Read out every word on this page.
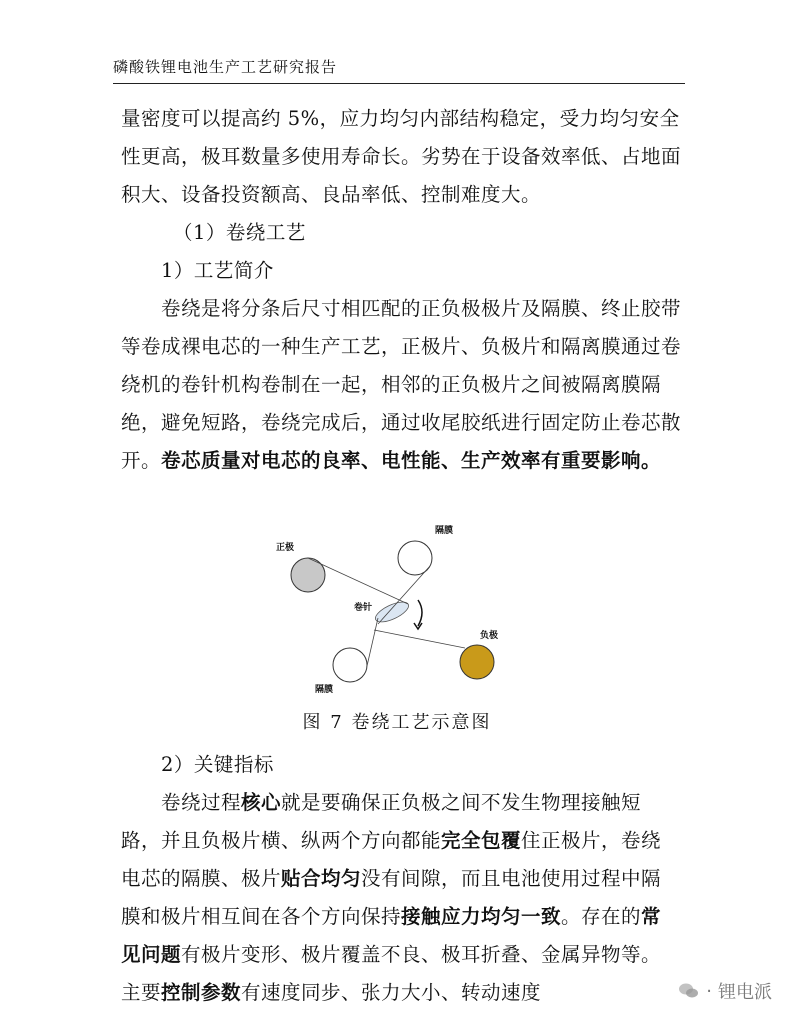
磷酸铁锂电池生产工艺研究报告

量密度可以提高约 5%，应力均匀内部结构稳定，受力均匀安全性更高，极耳数量多使用寿命长。劣势在于设备效率低、占地面积大、设备投资额高、良品率低、控制难度大。

（1）卷绕工艺

1）工艺简介

卷绕是将分条后尺寸相匹配的正负极极片及隔膜、终止胶带等卷成裸电芯的一种生产工艺，正极片、负极片和隔离膜通过卷绕机的卷针机构卷制在一起，相邻的正负极片之间被隔离膜隔绝，避免短路，卷绕完成后，通过收尾胶纸进行固定防止卷芯散开。卷芯质量对电芯的良率、电性能、生产效率有重要影响。

正极
隔膜
卷针
负极
隔膜
图 7 卷绕工艺示意图

2）关键指标

卷绕过程核心就是要确保正负极之间不发生物理接触短路，并且负极片横、纵两个方向都能完全包覆住正极片，卷绕电芯的隔膜、极片贴合均匀没有间隙，而且电池使用过程中隔膜和极片相互间在各个方向保持接触应力均匀一致。存在的常见问题有极片变形、极片覆盖不良、极耳折叠、金属异物等。主要控制参数有速度同步、张力大小、转动速度	· 锂电派
